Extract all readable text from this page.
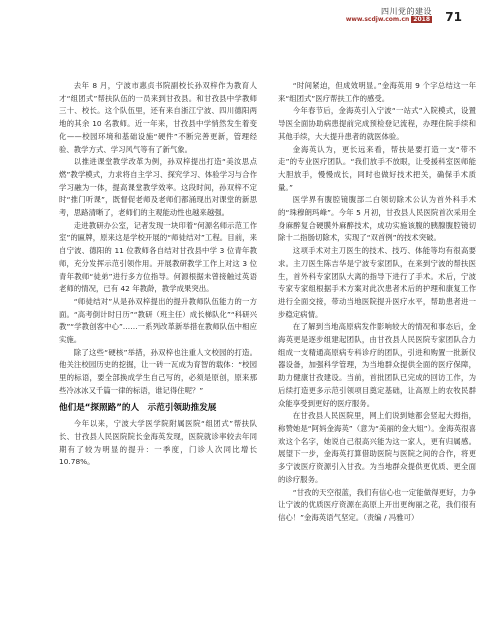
四川党的建设
www.scdjw.com.cn 2018 71

去年 8 月，宁波市惠贞书院副校长孙双梓作为教育人才“组团式”帮扶队伍的一员来到甘孜县。和甘孜县中学教师三十、校长。这个队伍里，还有来自浙江宁波、四川德阳两地的其余 10 名教师。近一年来，甘孜县中学悄然发生着变化——校园环境和基础设施“硬件”不断完善更新，管理经验、教学方式、学习风气等有了新气象。

以推进课堂教学改革为例，孙双梓提出打造“美汝思点燃”教学模式，力求将自主学习、探究学习、体验学习与合作学习融为一体，提高课堂教学效率。这段时间，孙双梓不定时“推门听课”，既督促老师及老师们都涌现出对课堂的新思考，思路清晰了，老师们的主观能动性也越来越强。

走进教研办公室，记者发现一块印着“何源名师示范工作室”的匾牌，原来这是学校开展的“师徒结对”工程。目前，来自宁波、德阳的 11 位教师各自结对甘孜县中学 3 位青年教师，充分发挥示范引领作用。开展教研教学工作上对这 3 位青年教师“徒弟”进行多方位指导。何源根据未曾接触过英语老师的情况，已有 42 年教龄，教学成果突出。

“师徒结对”从是孙双梓提出的提升教师队伍能力的一方面。“高考倒计时日历”“教研（班主任）成长梯队化”“科研兴教”“学教创客中心”……一系列改革新举措在教师队伍中相应实施。

除了这些“硬核”举措，孙双梓也注重人文校园的打造。他关注校园历史的挖掘，让一砖一瓦成为育智的载体：“校园里的标语，要全部换成学生自己写的，必须是原创，原来那些冷冰冰又千篇一律的标语，谁记得住呢？”

他们是“探照路”的人　示范引领助推发展

今年以来，宁波大学医学院附属医院“组团式”帮扶队长、甘孜县人民医院院长金海英发现，医院就诊率较去年同期有了较为明显的提升：一季度，门诊人次同比增长 10.78%。

“时间紧迫，但成效明显。”金海英用 9 个字总结这一年来“组团式”医疗帮扶工作的感受。

今年春节后，金海英引入宁波“一站式”入院模式，设置导医全面协助病患提前完成预检登记流程，办理住院手续和其他手续，大大提升患者的就医体验。

金海英认为，更长远来看，帮扶是要打造一支“带不走”的专业医疗团队。“我们放手不放眼，让受援科室医师能大胆放手，慢慢成长，同时也做好技术把关，确保手术质量。”

医学界有腹腔镜腹部二白领切除术公认为首外科手术的“珠穆朗玛峰”。今年 5 月初，甘孜县人民医院首次采用全身麻醉复合硬膜外麻醉技术，成功实施该腹的胰腺腹腔镜切除十二指肠切除术，实现了“双首例”的技术突破。

这项手术对主刀医生的技术、技巧、体能等均有很高要求。主刀医生陈吉华是宁波专家团队，在来到宁波的帮扶医生，首外科专家团队大离的指导下进行了手术。术后，宁波专家专家组根据手术方案对此次患者术后的护理和康复工作进行全面交接，带动当地医院提升医疗水平，帮助患者进一步稳定病情。

在了解到当地高原病发作影响较大的情况和事态后，金海英更是逐步组建起团队，由甘孜县人民医院专家团队合力组成一支精通高原病专科诊疗的团队，引进和购置一批新仪器设备，加强科学管理，为当地群众提供全面的医疗保障，助力健康甘孜建设。当前，首批团队已完成的回访工作，为后续打造更多示范引领项目奠定基础，让高原上的农牧民群众能享受到更好的医疗服务。

在甘孜县人民医院里，网上们说到她都会竖起大拇指，称赞她是“阿妈金海英”（意为“美丽的金大姐”）。金海英很喜欢这个名字，她说自己很高兴能为这一家人，更有归属感。展望下一步，金海英打算借助医院与医院之间的合作，将更多宁波医疗资源引入甘孜。为当地群众提供更优质、更全面的诊疗服务。

“甘孜的天空很蓝，我们有信心也一定能做得更好，力争让宁波的优质医疗资源在高原上开出更绚丽之花，我们很有信心！”金海英语气坚定。（责编 / 冯雅可）
